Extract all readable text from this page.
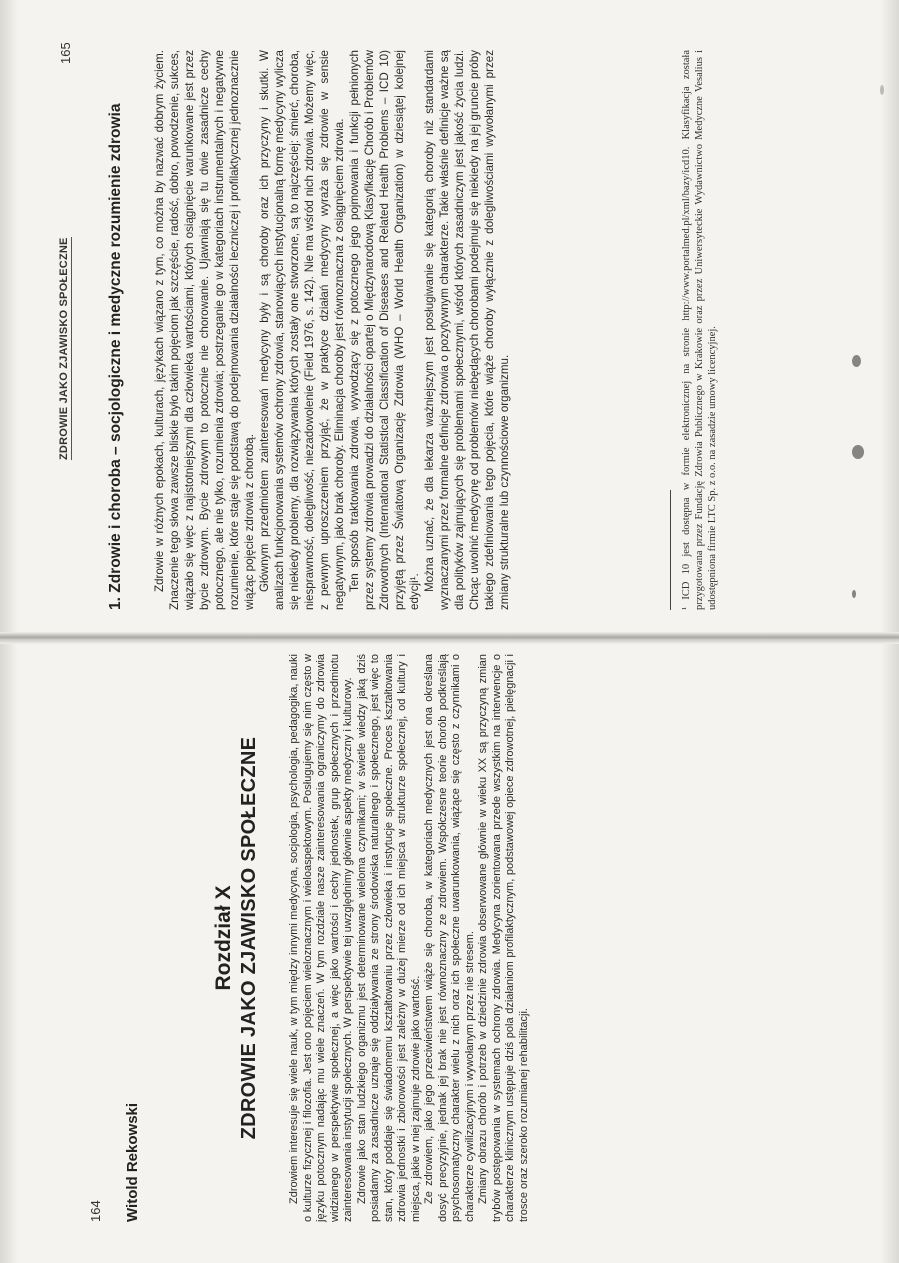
165
ZDROWIE JAKO ZJAWISKO SPOŁECZNE 1. Zdrowie i choroba – socjologiczne i medyczne rozumienie zdrowia	Zdrowie w różnych epokach, kulturach, językach wiązano z tym, co można by nazwać dobrym życiem. Znaczenie tego słowa zawsze bliskie było takim pojęciom jak szczęście, radość, dobro, powodzenie, sukces, wiązało się więc z najistotniejszymi dla człowieka wartościami, których osiągnięcie warunkowane jest przez bycie zdrowym. Bycie zdrowym to potocznie nie chorowanie. Ujawniają się tu dwie zasadnicze cechy potocznego, ale nie tylko, rozumienia zdrowia; postrzeganie go w kategoriach instrumentalnych i negatywne rozumienie, które staje się podstawą do podejmowania działalności leczniczej i profilaktycznej jednoznacznie wiążąc pojęcie zdrowia z chorobą. Głównym przedmiotem zainteresowań medycyny były i są choroby oraz ich przyczyny i skutki. W analizach funkcjonowania systemów ochrony zdrowia, stanowiących instytucjonalną formę medycyny wylicza się niekiedy problemy, dla rozwiązywania których zostały one stworzone, są to najczęściej: śmierć, choroba, niesprawność, dolegliwość, niezadowolenie (Field 1976, s. 142). Nie ma wśród nich zdrowia. Możemy więc, z pewnym uproszczeniem przyjąć, że w praktyce działań medycyny wyraża się zdrowie w sensie negatywnym, jako brak choroby. Eliminacja choroby jest równoznaczna z osiągnięciem zdrowia. Ten sposób traktowania zdrowia, wywodzący się z potocznego jego pojmowania i funkcji pełnionych przez systemy zdrowia prowadzi do działalności opartej o Międzynarodową Klasyfikację Chorób i Problemów Zdrowotnych (International Statistical Classification of Diseases and Related Health Problems – ICD 10) przyjętą przez Światową Organizację Zdrowia (WHO – World Health Organization) w dziesiątej kolejnej edycji¹. Można uznać, że dla lekarza ważniejszym jest posługiwanie się kategorią choroby niż standardami wyznaczanymi przez formalne definicje zdrowia o pozytywnym charakterze. Takie właśnie definicje ważne są dla polityków zajmujących się problemami społecznymi, wśród których zasadniczym jest jakość życia ludzi. Chcąc uwolnić medycynę od problemów niebędących chorobami podejmuje się niekiedy na jej gruncie próby takiego zdefiniowania tego pojęcia, które wiąże choroby wyłącznie z dolegliwościami wywołanymi przez zmiany strukturalne lub czynnościowe organizmu.	¹ ICD 10 jest dostępna w formie elektronicznej na stronie http://www.portalmed.pl/xml/bazy/icd10. Klasyfikacja została przygotowana przez Fundację Zdrowia Publicznego w Krakowie oraz przez Uniwersyteckie Wydawnictwo Medyczne Vesalius i udostępniona firmie LTC Sp. z o.o. na zasadzie umowy licencyjnej.
164 Witold Rekowski
Rozdział X ZDROWIE JAKO ZJAWISKO SPOŁECZNE	Zdrowiem interesuje się wiele nauk, w tym między innymi medycyna, socjologia, psychologia, pedagogika, nauki o kulturze fizycznej i filozofia. Jest ono pojęciem wieloznacznym i wieloaspektowym. Posługujemy się nim często w języku potocznym nadając mu wiele znaczeń. W tym rozdziale nasze zainteresowania ograniczymy do zdrowia widzianego w perspektywie społecznej, a więc jako wartości i cechy jednostek, grup społecznych i przedmiotu zainteresowania instytucji społecznych. W perspektywie tej uwzględnimy głównie aspekty medyczny i kulturowy. Zdrowie jako stan ludzkiego organizmu jest determinowane wieloma czynnikami; w świetle wiedzy jaką dziś posiadamy za zasadnicze uznaje się oddziaływania ze strony środowiska naturalnego i społecznego, jest więc to stan, który poddaje się świadomemu kształtowaniu przez człowieka i instytucje społeczne. Proces kształtowania zdrowia jednostki i zbiorowości jest zależny w dużej mierze od ich miejsca w strukturze społecznej, od kultury i miejsca, jakie w niej zajmuje zdrowie jako wartość. Ze zdrowiem, jako jego przeciwieństwem wiąże się choroba, w kategoriach medycznych jest ona określana dosyć precyzyjnie, jednak jej brak nie jest równoznaczny ze zdrowiem. Współczesne teorie chorób podkreślają psychosomatyczny charakter wielu z nich oraz ich społeczne uwarunkowania, wiążące się często z czynnikami o charakterze cywilizacyjnym i wywołanym przez nie stresem. Zmiany obrazu chorób i potrzeb w dziedzinie zdrowia obserwowane głównie w wieku XX są przyczyną zmian trybów postępowania w systemach ochrony zdrowia. Medycyna zorientowana przede wszystkim na interwencje o charakterze klinicznym ustępuje dziś pola działaniom profilaktycznym, podstawowej opiece zdrowotnej, pielęgnacji i trosce oraz szeroko rozumianej rehabilitacji.
